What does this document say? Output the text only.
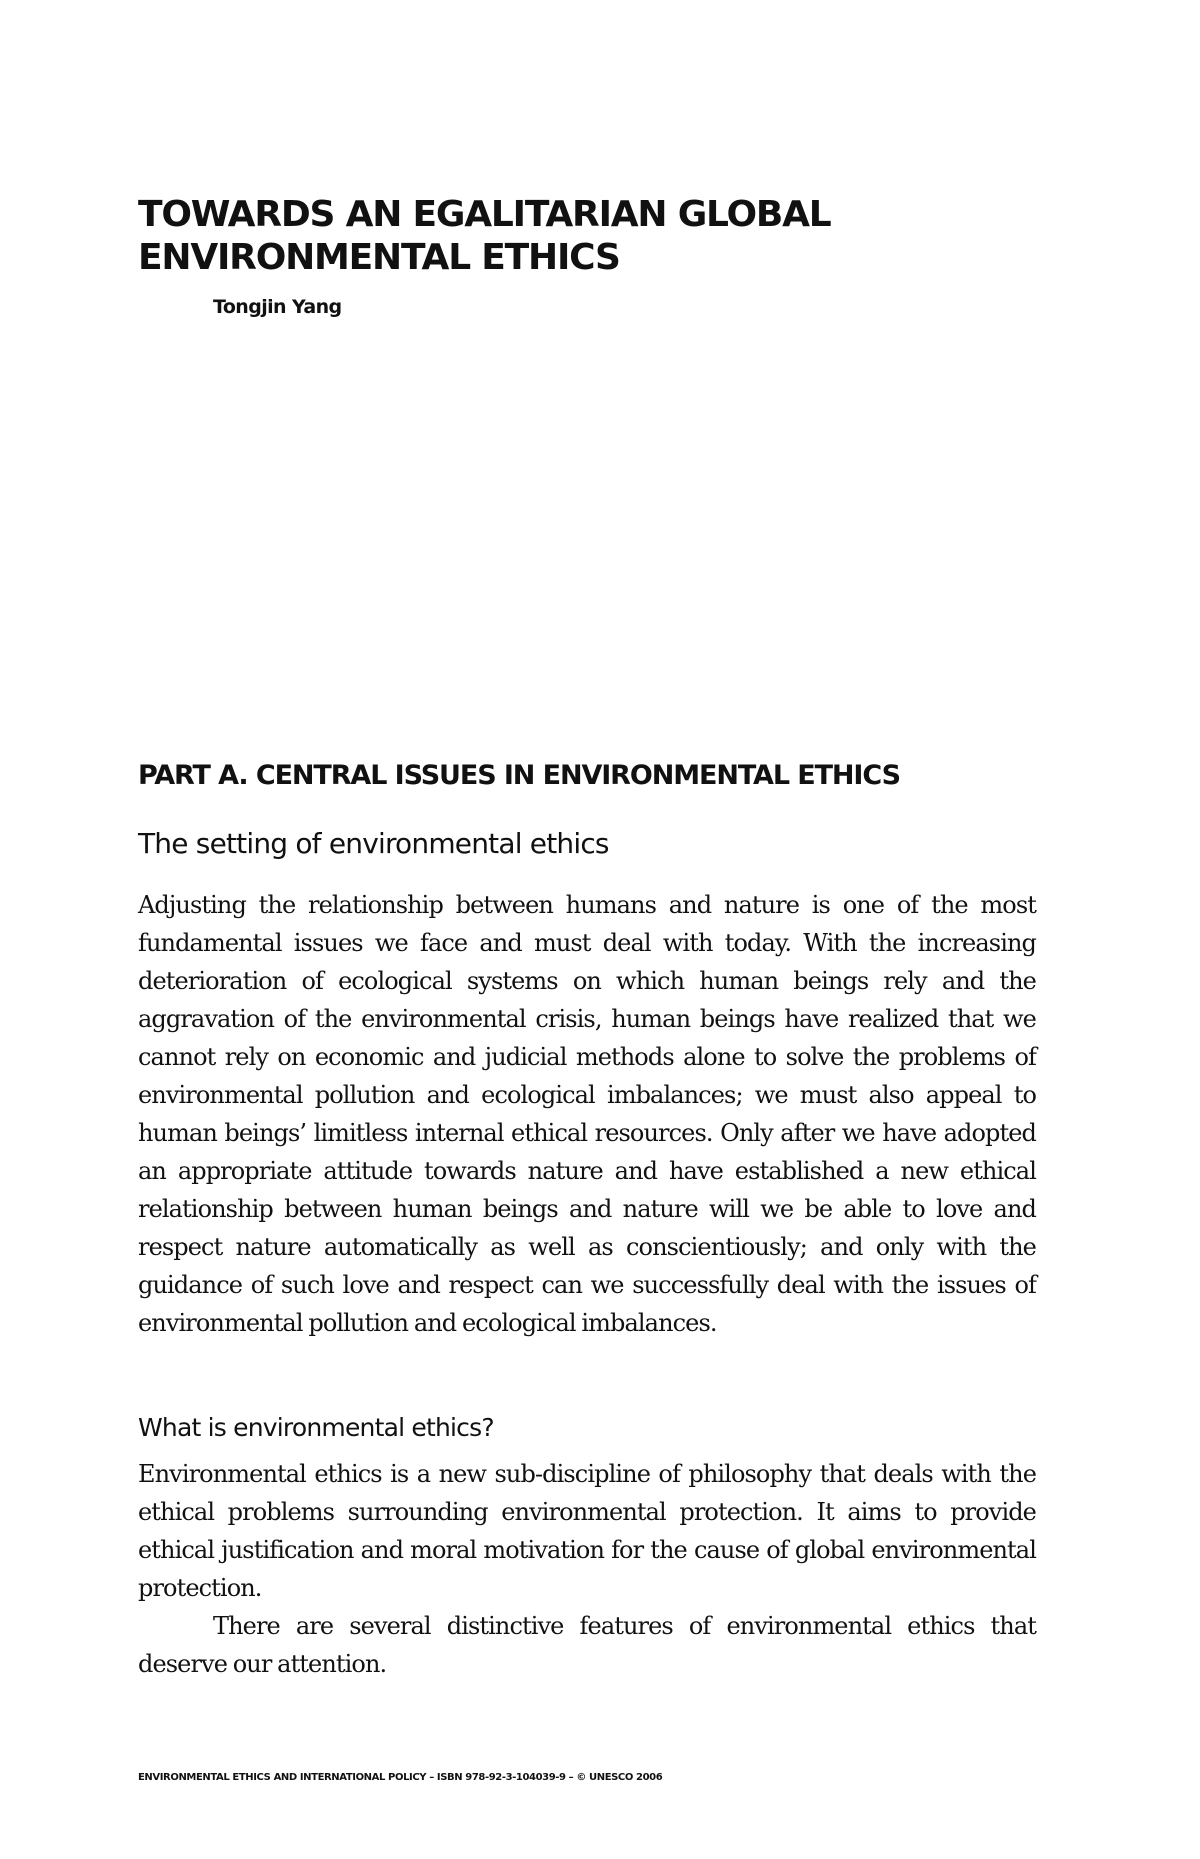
TOWARDS AN EGALITARIAN GLOBAL
ENVIRONMENTAL ETHICS

Tongjin Yang

PART A. CENTRAL ISSUES IN ENVIRONMENTAL ETHICS
The setting of environmental ethics

Adjusting the relationship between humans and nature is one of the most fundamental issues we face and must deal with today. With the increasing deterioration of ecological systems on which human beings rely and the aggravation of the environmental crisis, human beings have realized that we cannot rely on economic and judicial methods alone to solve the problems of environmental pollution and ecological imbalances; we must also appeal to human beings’ limitless internal ethical resources. Only after we have adopted an appropriate attitude towards nature and have established a new ethical relationship between human beings and nature will we be able to love and respect nature automatically as well as conscientiously; and only with the guidance of such love and respect can we successfully deal with the issues of environmental pollution and ecological imbalances.

What is environmental ethics?

Environmental ethics is a new sub-discipline of philosophy that deals with the ethical problems surrounding environmental protection. It aims to provide ethical justification and moral motivation for the cause of global environmental protection.

There are several distinctive features of environmental ethics that deserve our attention.

ENVIRONMENTAL ETHICS AND INTERNATIONAL POLICY – ISBN 978-92-3-104039-9 – © UNESCO 2006
